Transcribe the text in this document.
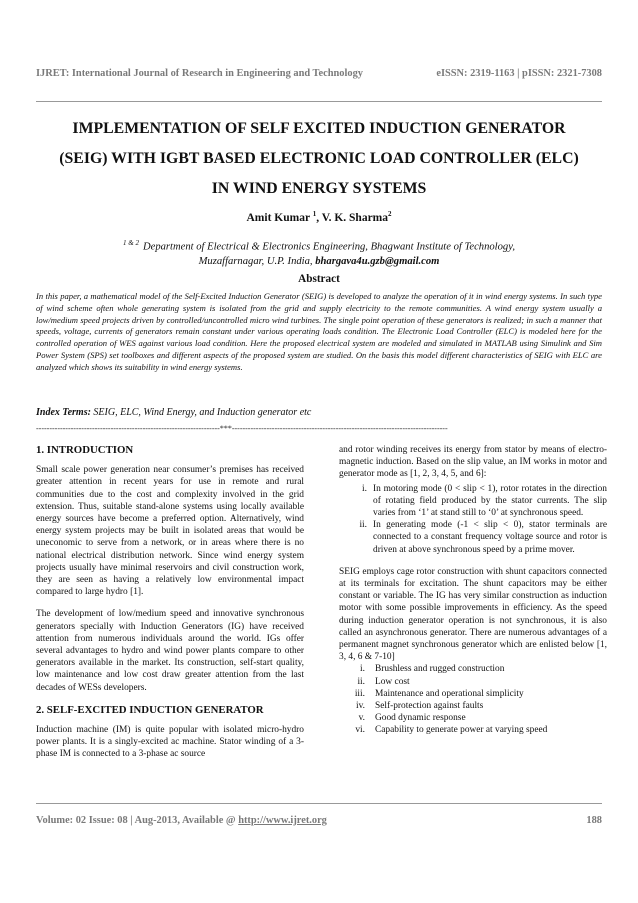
IJRET: International Journal of Research in Engineering and Technology	eISSN: 2319-1163 | pISSN: 2321-7308
IMPLEMENTATION OF SELF EXCITED INDUCTION GENERATOR
(SEIG) WITH IGBT BASED ELECTRONIC LOAD CONTROLLER (ELC)
IN WIND ENERGY SYSTEMS
Amit Kumar $^1$, V. K. Sharma$^2$
$^{1 \& 2}$ Department of Electrical & Electronics Engineering, Bhagwant Institute of Technology,
Muzaffarnagar, U.P. India, bhargava4u.gzb@gmail.com
Abstract
In this paper, a mathematical model of the Self-Excited Induction Generator (SEIG) is developed to analyze the operation of it in wind energy systems. In such type of wind scheme often whole generating system is isolated from the grid and supply electricity to the remote communities. A wind energy system usually a low/medium speed projects driven by controlled/uncontrolled micro wind turbines. The single point operation of these generators is realized; in such a manner that speeds, voltage, currents of generators remain constant under various operating loads condition. The Electronic Load Controller (ELC) is modeled here for the controlled operation of WES against various load condition. Here the proposed electrical system are modeled and simulated in MATLAB using Simulink and Sim Power System (SPS) set toolboxes and different aspects of the proposed system are studied. On the basis this model different characteristics of SEIG with ELC are analyzed which shows its suitability in wind energy systems.
Index Terms: SEIG, ELC, Wind Energy, and Induction generator etc
---------------------------------------------------------------------***---------------------------------------------------------------------------------
1. INTRODUCTION

Small scale power generation near consumer’s premises has received greater attention in recent years for use in remote and rural communities due to the cost and complexity involved in the grid extension. Thus, suitable stand-alone systems using locally available energy sources have become a preferred option. Alternatively, wind energy system projects may be built in isolated areas that would be uneconomic to serve from a network, or in areas where there is no national electrical distribution network. Since wind energy system projects usually have minimal reservoirs and civil construction work, they are seen as having a relatively low environmental impact compared to large hydro [1].

The development of low/medium speed and innovative synchronous generators specially with Induction Generators (IG) have received attention from numerous individuals around the world. IGs offer several advantages to hydro and wind power plants compare to other generators available in the market. Its construction, self-start quality, low maintenance and low cost draw greater attention from the last decades of WESs developers.

2. SELF-EXCITED INDUCTION GENERATOR

Induction machine (IM) is quite popular with isolated micro-hydro power plants. It is a singly-excited ac machine. Stator winding of a 3-phase IM is connected to a 3-phase ac source

and rotor winding receives its energy from stator by means of electro-magnetic induction. Based on the slip value, an IM works in motor and generator mode as [1, 2, 3, 4, 5, and 6]:

i. In motoring mode (0 < slip < 1), rotor rotates in the direction of rotating field produced by the stator currents. The slip varies from ‘1’ at stand still to ‘0’ at synchronous speed.
ii. In generating mode (-1 < slip < 0), stator terminals are connected to a constant frequency voltage source and rotor is driven at above synchronous speed by a prime mover.

SEIG employs cage rotor construction with shunt capacitors connected at its terminals for excitation. The shunt capacitors may be either constant or variable. The IG has very similar construction as induction motor with some possible improvements in efficiency. As the speed during induction generator operation is not synchronous, it is also called an asynchronous generator. There are numerous advantages of a permanent magnet synchronous generator which are enlisted below [1, 3, 4, 6 & 7-10]

i. Brushless and rugged construction
ii. Low cost
iii. Maintenance and operational simplicity
iv. Self-protection against faults
v. Good dynamic response
vi. Capability to generate power at varying speed
Volume: 02 Issue: 08 | Aug-2013, Available @ http://www.ijret.org	188
